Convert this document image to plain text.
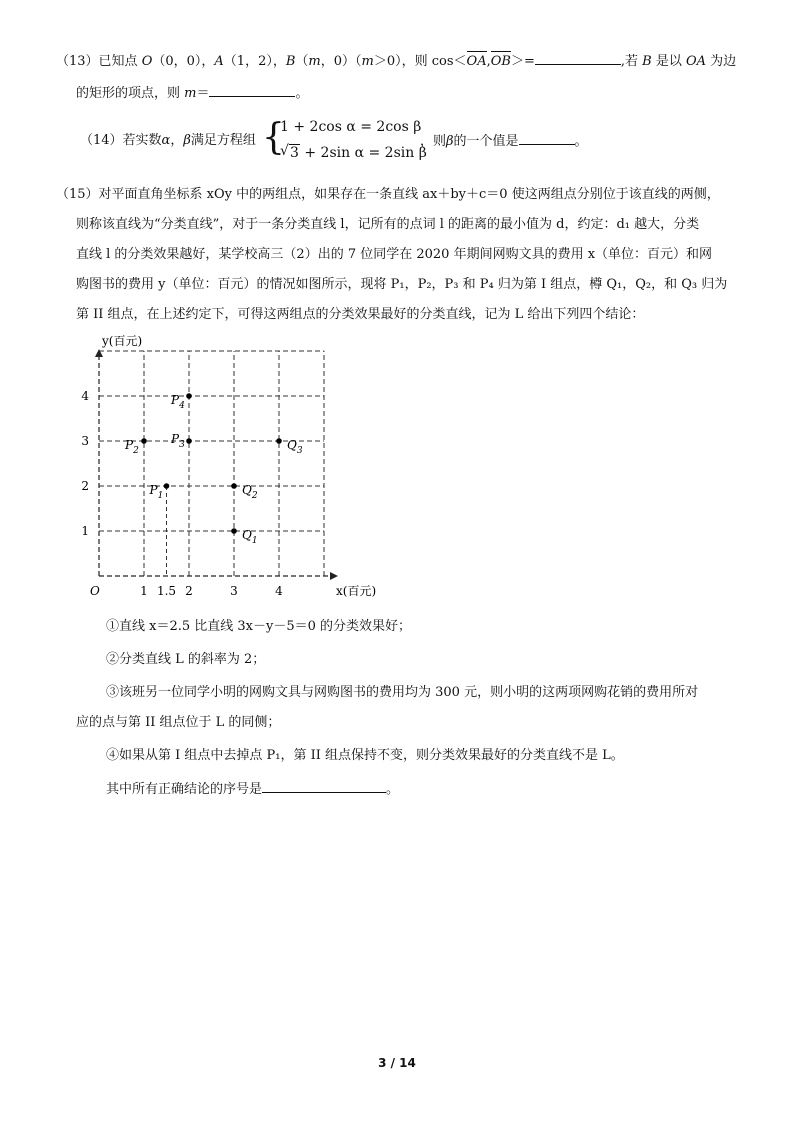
（13）已知点 O（0，0），A（1，2），B（m，0）（m＞0），则 cos＜OA,OB＞=	,若 B 是以 OA 为边
的矩形的项点，则 m＝	。
（14）若实数α，β满足方程组 {
1 + 2cos α = 2cos β
√ 3 + 2sin α = 2sin β
，则β的一个值是	。
（15）对平面直角坐标系 xOy 中的两组点，如果存在一条直线 ax＋by＋c＝0 使这两组点分别位于该直线的两侧，
则称该直线为“分类直线”，对于一条分类直线 l，记所有的点词 l 的距离的最小值为 d，约定：d₁ 越大，分类
直线 l 的分类效果越好，某学校高三（2）出的 7 位同学在 2020 年期间网购文具的费用 x（单位：百元）和网
购图书的费用 y（单位：百元）的情况如图所示，现将 P₁，P₂，P₃ 和 P₄ 归为第 I 组点，樽 Q₁，Q₂，和 Q₃ 归为
第 II 组点，在上述约定下，可得这两组点的分类效果最好的分类直线，记为 L 给出下列四个结论：
y(百元)
O	x(百元)
1 1.5 2	3	4
1
2
3
4
$P_1$
$P_2$
$P_3$
$P_4$
$Q_1$
$Q_2$
$Q_3$
①直线 x＝2.5 比直线 3x－y－5＝0 的分类效果好；
②分类直线 L 的斜率为 2；
③该班另一位同学小明的网购文具与网购图书的费用均为 300 元，则小明的这两项网购花销的费用所对
应的点与第 II 组点位于 L 的同侧；
④如果从第 I 组点中去掉点 P₁，第 II 组点保持不变，则分类效果最好的分类直线不是 L。
其中所有正确结论的序号是	。
3 / 14
